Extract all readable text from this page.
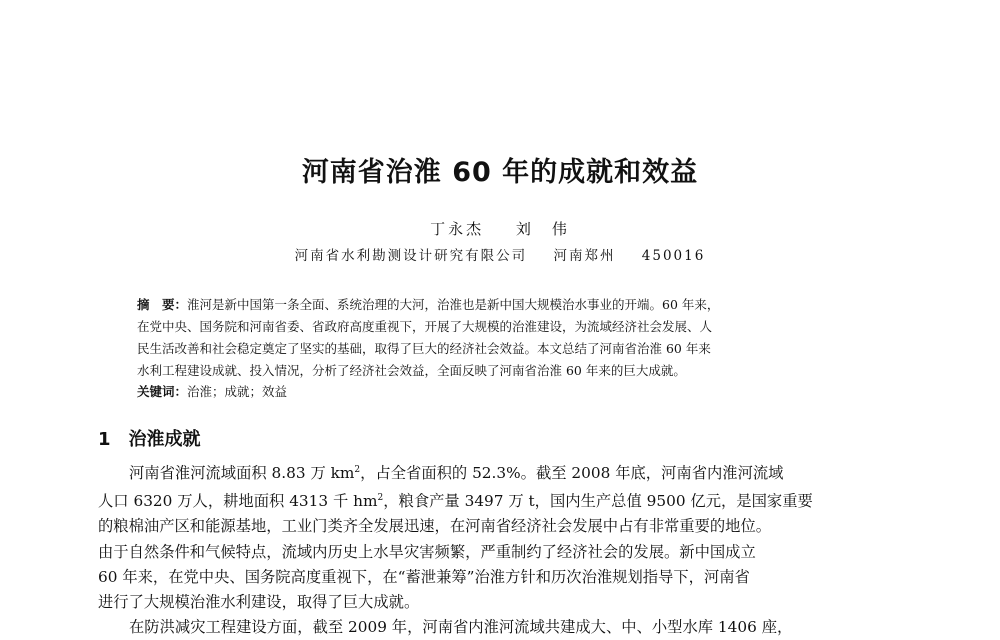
河南省治淮 60 年的成就和效益
丁永杰 刘　伟
河南省水利勘测设计研究有限公司 河南郑州 450016
摘　要：淮河是新中国第一条全面、系统治理的大河，治淮也是新中国大规模治水事业的开端。60 年来，
在党中央、国务院和河南省委、省政府高度重视下，开展了大规模的治淮建设，为流域经济社会发展、人
民生活改善和社会稳定奠定了坚实的基础，取得了巨大的经济社会效益。本文总结了河南省治淮 60 年来
水利工程建设成就、投入情况，分析了经济社会效益，全面反映了河南省治淮 60 年来的巨大成就。
关键词：治淮；成就；效益
1 治淮成就
河南省淮河流域面积 8.83 万 $km^2$，占全省面积的 52.3%。截至 2008 年底，河南省内淮河流域
人口 6320 万人，耕地面积 4313 千 $hm^2$，粮食产量 3497 万 t，国内生产总值 9500 亿元，是国家重要
的粮棉油产区和能源基地，工业门类齐全发展迅速，在河南省经济社会发展中占有非常重要的地位。
由于自然条件和气候特点，流域内历史上水旱灾害频繁，严重制约了经济社会的发展。新中国成立
60 年来，在党中央、国务院高度重视下，在“蓄泄兼筹”治淮方针和历次治淮规划指导下，河南省
进行了大规模治淮水利建设，取得了巨大成就。
在防洪减灾工程建设方面，截至 2009 年，河南省内淮河流域共建成大、中、小型水库 1406 座，
